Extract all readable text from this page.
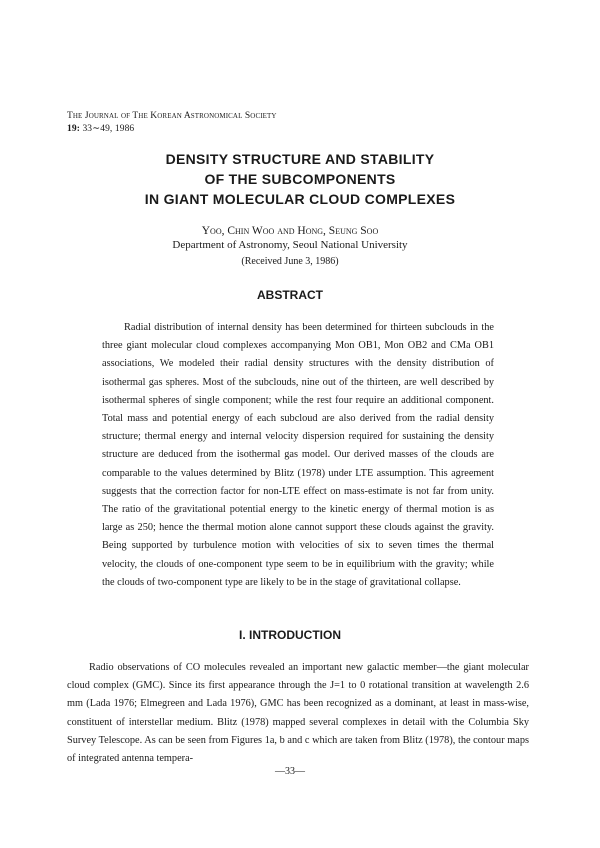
The Journal of The Korean Astronomical Society
19: 33∼49, 1986
DENSITY STRUCTURE AND STABILITY
OF THE SUBCOMPONENTS
IN GIANT MOLECULAR CLOUD COMPLEXES
Yoo, Chin Woo and Hong, Seung Soo
Department of Astronomy, Seoul National University
(Received June 3, 1986)
ABSTRACT

Radial distribution of internal density has been determined for thirteen subclouds in the three giant molecular cloud complexes accompanying Mon OB1, Mon OB2 and CMa OB1 associations, We modeled their radial density structures with the density distribution of isothermal gas spheres. Most of the subclouds, nine out of the thirteen, are well described by isothermal spheres of single component; while the rest four require an additional component. Total mass and potential energy of each subcloud are also derived from the radial density structure; thermal energy and internal velocity dispersion required for sustaining the density structure are deduced from the isothermal gas model. Our derived masses of the clouds are comparable to the values determined by Blitz (1978) under LTE assumption. This agreement suggests that the correction factor for non-LTE effect on mass-estimate is not far from unity. The ratio of the gravitational potential energy to the kinetic energy of thermal motion is as large as 250; hence the thermal motion alone cannot support these clouds against the gravity. Being supported by turbulence motion with velocities of six to seven times the thermal velocity, the clouds of one-component type seem to be in equilibrium with the gravity; while the clouds of two-component type are likely to be in the stage of gravitational collapse.

I. INTRODUCTION

Radio observations of CO molecules revealed an important new galactic member—the giant molecular cloud complex (GMC). Since its first appearance through the J=1 to 0 rotational transition at wavelength 2.6 mm (Lada 1976; Elmegreen and Lada 1976), GMC has been recognized as a dominant, at least in mass-wise, constituent of interstellar medium. Blitz (1978) mapped several complexes in detail with the Columbia Sky Survey Telescope. As can be seen from Figures 1a, b and c which are taken from Blitz (1978), the contour maps of integrated antenna tempera-

—33—
